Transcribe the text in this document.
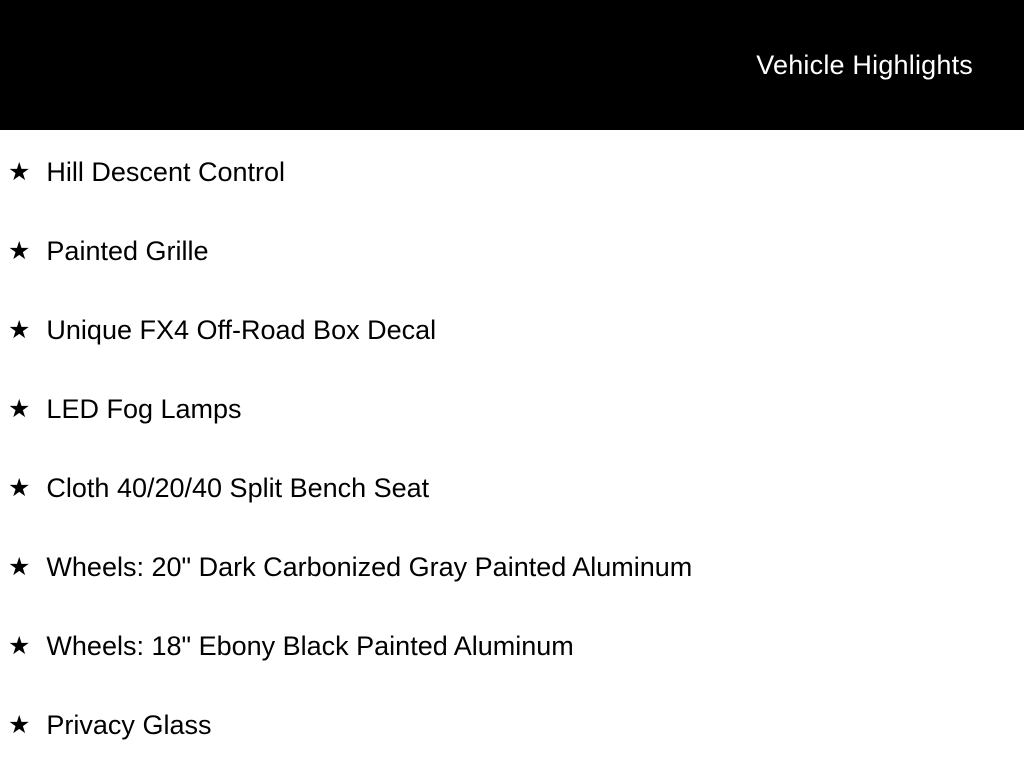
Vehicle Highlights
★ Hill Descent Control
★ Painted Grille
★ Unique FX4 Off-Road Box Decal
★ LED Fog Lamps
★ Cloth 40/20/40 Split Bench Seat
★ Wheels: 20" Dark Carbonized Gray Painted Aluminum
★ Wheels: 18" Ebony Black Painted Aluminum
★ Privacy Glass
